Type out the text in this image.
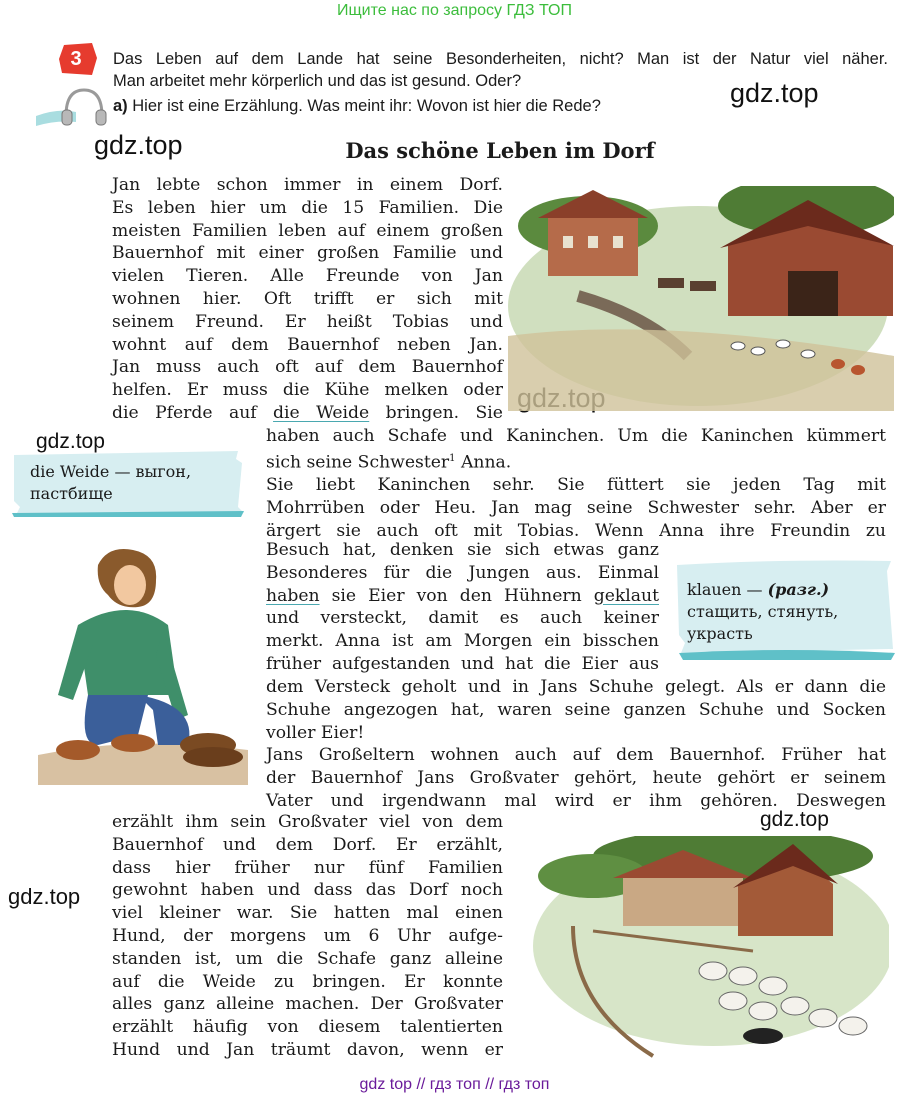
Ищите нас по запросу ГДЗ ТОП
3	Das Leben auf dem Lande hat seine Besonderheiten, nicht? Man ist der Natur viel näher.
Man arbeitet mehr körperlich und das ist gesund. Oder?
a) Hier ist eine Erzählung. Was meint ihr: Wovon ist hier die Rede?	gdz.top
gdz.top
gdz.top
gdz.top
gdz.top
Das schöne Leben im Dorf
Jan lebte schon immer in einem Dorf.
Es leben hier um die 15 Familien. Die
meisten Familien leben auf einem großen
Bauernhof mit einer großen Familie und
vielen Tieren. Alle Freunde von Jan
wohnen hier. Oft trifft er sich mit
seinem Freund. Er heißt Tobias und
wohnt auf dem Bauernhof neben Jan.
Jan muss auch oft auf dem Bauernhof
helfen. Er muss die Kühe melken oder
die Pferde auf die Weide bringen. Sie
haben auch Schafe und Kaninchen. Um die Kaninchen kümmert
sich seine Schwester$^1$ Anna.
Sie liebt Kaninchen sehr. Sie füttert sie jeden Tag mit
Mohrrüben oder Heu. Jan mag seine Schwester sehr. Aber er
ärgert sie auch oft mit Tobias. Wenn Anna ihre Freundin zu
Besuch hat, denken sie sich etwas ganz
Besonderes für die Jungen aus. Einmal
haben sie Eier von den Hühnern geklaut
und versteckt, damit es auch keiner
merkt. Anna ist am Morgen ein bisschen
früher aufgestanden und hat die Eier aus
dem Versteck geholt und in Jans Schuhe gelegt. Als er dann die
Schuhe angezogen hat, waren seine ganzen Schuhe und Socken
voller Eier!
Jans Großeltern wohnen auch auf dem Bauernhof. Früher hat
der Bauernhof Jans Großvater gehört, heute gehört er seinem
Vater und irgendwann mal wird er ihm gehören. Deswegen
erzählt ihm sein Großvater viel von dem
Bauernhof und dem Dorf. Er erzählt,
dass hier früher nur fünf Familien
gewohnt haben und dass das Dorf noch
viel kleiner war. Sie hatten mal einen
Hund, der morgens um 6 Uhr aufge-
standen ist, um die Schafe ganz alleine
auf die Weide zu bringen. Er konnte
alles ganz alleine machen. Der Großvater
erzählt häufig von diesem talentierten
Hund und Jan träumt davon, wenn er
die Weide — выгон,
пастбище
klauen — (разг.)
стащить, стянуть,
украсть
gdz top // гдз топ // гдз топ
